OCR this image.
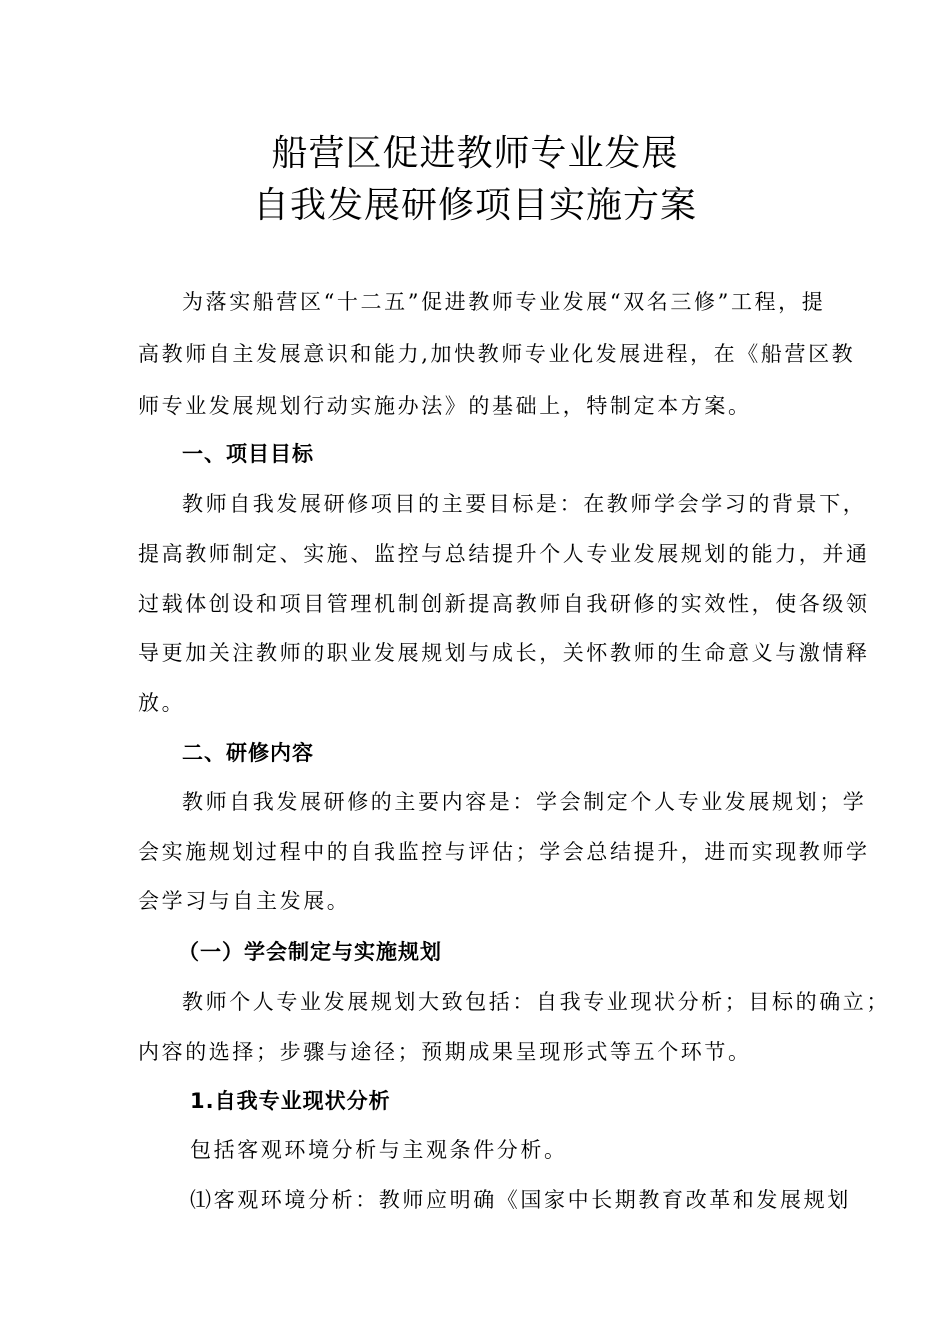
船营区促进教师专业发展
自我发展研修项目实施方案
为落实船营区“十二五”促进教师专业发展“双名三修”工程，提
高教师自主发展意识和能力,加快教师专业化发展进程，在《船营区教
师专业发展规划行动实施办法》的基础上，特制定本方案。
一、项目目标
教师自我发展研修项目的主要目标是：在教师学会学习的背景下，
提高教师制定、实施、监控与总结提升个人专业发展规划的能力，并通
过载体创设和项目管理机制创新提高教师自我研修的实效性，使各级领
导更加关注教师的职业发展规划与成长，关怀教师的生命意义与激情释
放。
二、研修内容
教师自我发展研修的主要内容是：学会制定个人专业发展规划；学
会实施规划过程中的自我监控与评估；学会总结提升，进而实现教师学
会学习与自主发展。
（一）学会制定与实施规划
教师个人专业发展规划大致包括：自我专业现状分析；目标的确立；
内容的选择；步骤与途径；预期成果呈现形式等五个环节。
1.自我专业现状分析
包括客观环境分析与主观条件分析。
⑴客观环境分析：教师应明确《国家中长期教育改革和发展规划
